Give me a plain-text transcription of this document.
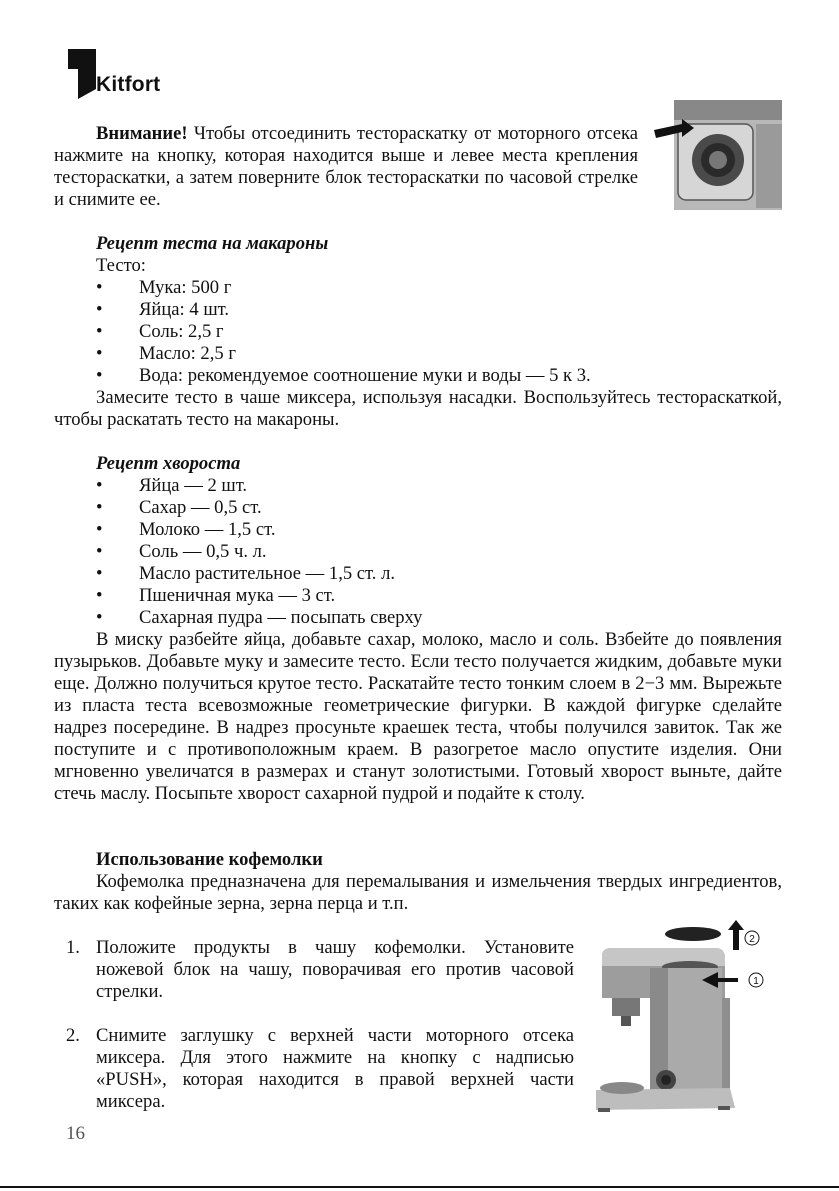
Kitfort

Внимание! Чтобы отсоединить тестораскатку от моторного отсека нажмите на кнопку, которая находится выше и левее места крепления тестораскатки, а затем поверните блок тестораскатки по часовой стрелке и снимите ее.

Рецепт теста на макароны

Тесто:

• Мука: 500 г
• Яйца: 4 шт.
• Соль: 2,5 г
• Масло: 2,5 г
• Вода: рекомендуемое соотношение муки и воды — 5 к 3.

Замесите тесто в чаше миксера, используя насадки. Воспользуйтесь тестораскаткой, чтобы раскатать тесто на макароны.

Рецепт хвороста

• Яйца — 2 шт.
• Сахар — 0,5 ст.
• Молоко — 1,5 ст.
• Соль — 0,5 ч. л.
• Масло растительное — 1,5 ст. л.
• Пшеничная мука — 3 ст.
• Сахарная пудра — посыпать сверху

В миску разбейте яйца, добавьте сахар, молоко, масло и соль. Взбейте до появления пузырьков. Добавьте муку и замесите тесто. Если тесто получается жидким, добавьте муки еще. Должно получиться крутое тесто. Раскатайте тесто тонким слоем в 2−3 мм. Вырежьте из пласта теста всевозможные геометрические фигурки. В каждой фигурке сделайте надрез посередине. В надрез просуньте краешек теста, чтобы получился завиток. Так же поступите и с противоположным краем. В разогретое масло опустите изделия. Они мгновенно увеличатся в размерах и станут золотистыми. Готовый хворост выньте, дайте стечь маслу. Посыпьте хворост сахарной пудрой и подайте к столу.

Использование кофемолки

Кофемолка предназначена для перемалывания и измельчения твердых ингредиентов, таких как кофейные зерна, зерна перца и т.п.

1. Положите продукты в чашу кофемолки. Установите ножевой блок на чашу, поворачивая его против часовой стрелки.
2. Снимите заглушку с верхней части моторного отсека миксера. Для этого нажмите на кнопку с надписью «PUSH», которая находится в правой верхней части миксера.
2
1
16
